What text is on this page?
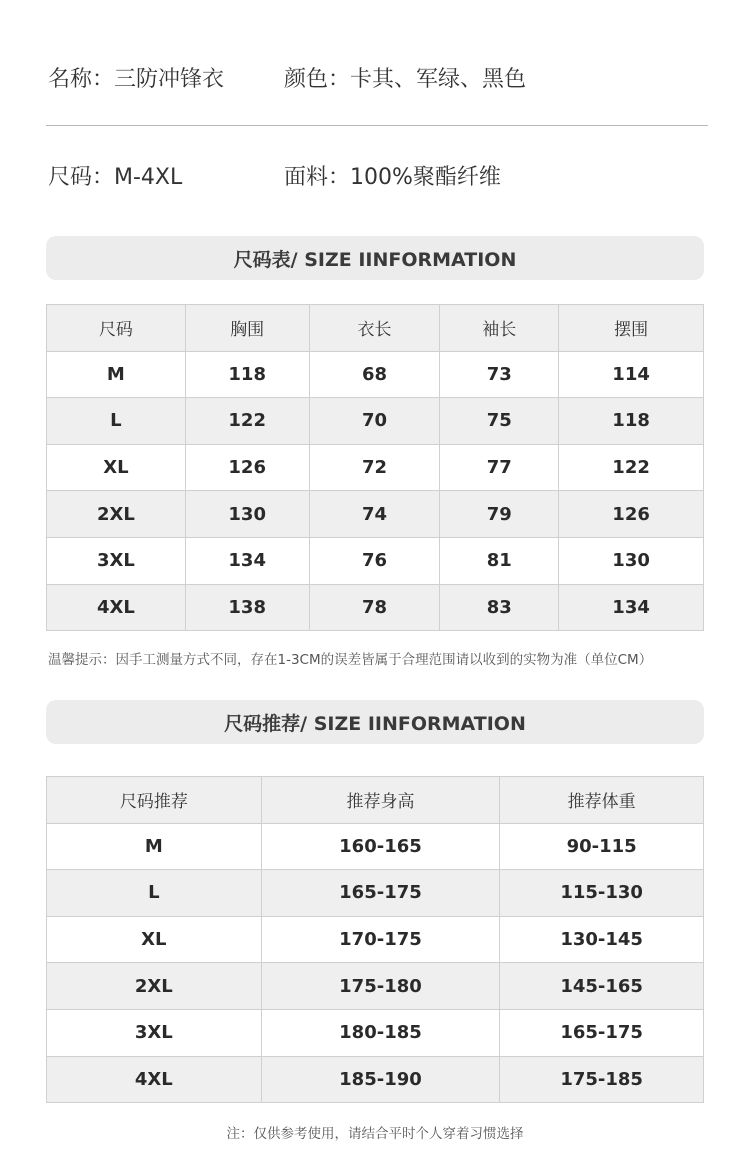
名称：三防冲锋衣	颜色：卡其、军绿、黑色
尺码：M-4XL	面料：100%聚酯纤维
尺码表/ SIZE IINFORMATION
尺码	胸围	衣长	袖长	摆围
M	118	68	73	114
L	122	70	75	118
XL	126	72	77	122
2XL	130	74	79	126
3XL	134	76	81	130
4XL	138	78	83	134
温馨提示：因手工测量方式不同，存在1-3CM的误差皆属于合理范围请以收到的实物为准（单位CM）
尺码推荐/ SIZE IINFORMATION
尺码推荐	推荐身高	推荐体重
M	160-165	90-115
L	165-175	115-130
XL	170-175	130-145
2XL	175-180	145-165
3XL	180-185	165-175
4XL	185-190	175-185
注：仅供参考使用，请结合平时个人穿着习惯选择
